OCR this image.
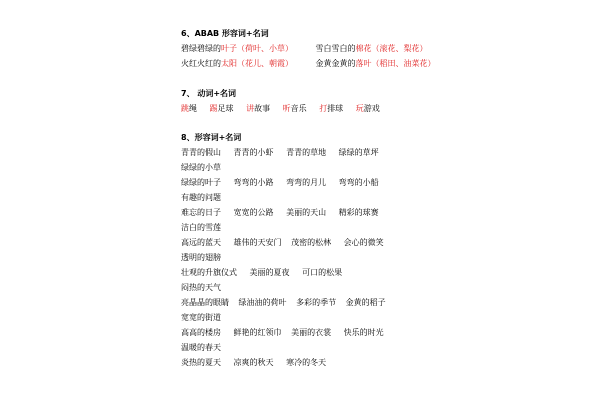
6、ABAB 形容词+名词
碧绿碧绿的叶子（荷叶、小草）	雪白雪白的棉花（滚花、梨花）
火红火红的太阳（花儿、朝霞）	金黄金黄的落叶（稻田、油菜花）
7、 动词+名词
跳绳 踢足球 讲故事 听音乐 打排球 玩游戏
8、形容词+名词
青青的假山 青青的小虾 青青的草地 绿绿的草坪
绿绿的小草
绿绿的叶子 弯弯的小路 弯弯的月儿 弯弯的小船
有趣的问题
难忘的日子 宽宽的公路 美丽的天山 精彩的球赛
洁白的雪莲
高远的蓝天 雄伟的天安门 茂密的松林 会心的微笑
透明的翅膀
壮观的升旗仪式 美丽的夏夜 可口的松果
闷热的天气
亮晶晶的眼睛 绿油油的荷叶 多彩的季节 金黄的稻子
宽宽的街道
高高的楼房 鲜艳的红领巾 美丽的衣裳 快乐的时光
温暖的春天
炎热的夏天 凉爽的秋天 寒冷的冬天
